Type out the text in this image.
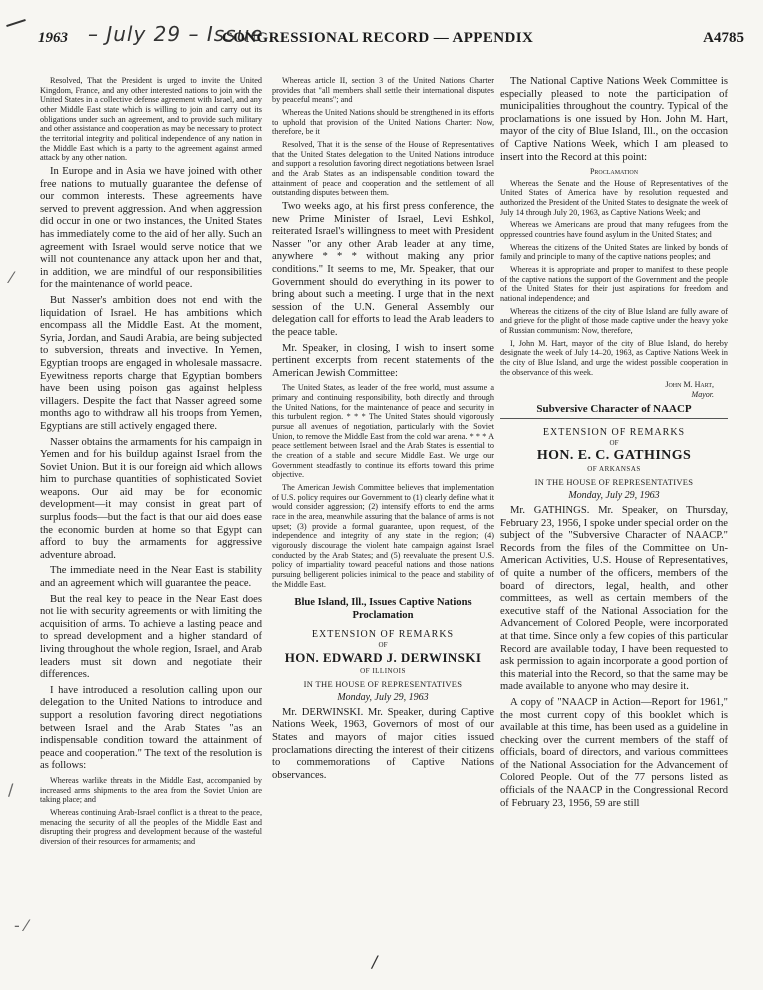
1963 – July 29 – Issue
CONGRESSIONAL RECORD — APPENDIX	A4785

Resolved, That the President is urged to invite the United Kingdom, France, and any other interested nations to join with the United States in a collective defense agreement with Israel, and any other Middle East state which is willing to join and carry out its obligations under such an agreement, and to provide such military and other assistance and cooperation as may be necessary to protect the territorial integrity and political independence of any nation in the Middle East which is a party to the agreement against armed attack by any other nation.

In Europe and in Asia we have joined with other free nations to mutually guarantee the defense of our common interests. These agreements have served to prevent aggression. And when aggression did occur in one or two instances, the United States has immediately come to the aid of her ally. Such an agreement with Israel would serve notice that we will not countenance any attack upon her and that, in addition, we are mindful of our responsibilities for the maintenance of world peace.

But Nasser's ambition does not end with the liquidation of Israel. He has ambitions which encompass all the Middle East. At the moment, Syria, Jordan, and Saudi Arabia, are being subjected to subversion, threats and invective. In Yemen, Egyptian troops are engaged in wholesale massacre. Eyewitness reports charge that Egyptian bombers have been using poison gas against helpless villagers. Despite the fact that Nasser agreed some months ago to withdraw all his troops from Yemen, Egyptians are still actively engaged there.

Nasser obtains the armaments for his campaign in Yemen and for his buildup against Israel from the Soviet Union. But it is our foreign aid which allows him to purchase quantities of sophisticated Soviet weapons. Our aid may be for economic development—it may consist in great part of surplus foods—but the fact is that our aid does ease the economic burden at home so that Egypt can afford to buy the armaments for aggressive adventure abroad.

The immediate need in the Near East is stability and an agreement which will guarantee the peace.

But the real key to peace in the Near East does not lie with security agreements or with limiting the acquisition of arms. To achieve a lasting peace and to spread development and a higher standard of living throughout the whole region, Israel, and Arab leaders must sit down and negotiate their differences.

I have introduced a resolution calling upon our delegation to the United Nations to introduce and support a resolution favoring direct negotiations between Israel and the Arab States "as an indispensable condition toward the attainment of peace and cooperation." The text of the resolution is as follows:

Whereas warlike threats in the Middle East, accompanied by increased arms shipments to the area from the Soviet Union are taking place; and

Whereas continuing Arab-Israel conflict is a threat to the peace, menacing the security of all the peoples of the Middle East and disrupting their progress and development because of the wasteful diversion of their resources for armaments; and

Whereas article II, section 3 of the United Nations Charter provides that "all members shall settle their international disputes by peaceful means"; and

Whereas the United Nations should be strengthened in its efforts to uphold that provision of the United Nations Charter: Now, therefore, be it

Resolved, That it is the sense of the House of Representatives that the United States delegation to the United Nations introduce and support a resolution favoring direct negotiations between Israel and the Arab States as an indispensable condition toward the attainment of peace and cooperation and the settlement of all outstanding disputes between them.

Two weeks ago, at his first press conference, the new Prime Minister of Israel, Levi Eshkol, reiterated Israel's willingness to meet with President Nasser "or any other Arab leader at any time, anywhere * * * without making any prior conditions." It seems to me, Mr. Speaker, that our Government should do everything in its power to bring about such a meeting. I urge that in the next session of the U.N. General Assembly our delegation call for efforts to lead the Arab leaders to the peace table.

Mr. Speaker, in closing, I wish to insert some pertinent excerpts from recent statements of the American Jewish Committee:

The United States, as leader of the free world, must assume a primary and continuing responsibility, both directly and through the United Nations, for the maintenance of peace and security in this turbulent region. * * * The United States should vigorously pursue all avenues of negotiation, particularly with the Soviet Union, to remove the Middle East from the cold war arena. * * * A peace settlement between Israel and the Arab States is essential to the creation of a stable and secure Middle East. We urge our Government steadfastly to continue its efforts toward this prime objective.

The American Jewish Committee believes that implementation of U.S. policy requires our Government to (1) clearly define what it would consider aggression; (2) intensify efforts to end the arms race in the area, meanwhile assuring that the balance of arms is not upset; (3) provide a formal guarantee, upon request, of the independence and integrity of any state in the region; (4) vigorously discourage the violent hate campaign against Israel conducted by the Arab States; and (5) reevaluate the present U.S. policy of impartiality toward peaceful nations and those nations pursuing belligerent policies inimical to the peace and stability of the Middle East.

Blue Island, Ill., Issues Captive Nations Proclamation
EXTENSION OF REMARKS
OF
HON. EDWARD J. DERWINSKI
OF ILLINOIS
IN THE HOUSE OF REPRESENTATIVES
Monday, July 29, 1963

Mr. DERWINSKI. Mr. Speaker, during Captive Nations Week, 1963, Governors of most of our States and mayors of major cities issued proclamations directing the interest of their citizens to commemorations of Captive Nations observances.

The National Captive Nations Week Committee is especially pleased to note the participation of municipalities throughout the country. Typical of the proclamations is one issued by Hon. John M. Hart, mayor of the city of Blue Island, Ill., on the occasion of Captive Nations Week, which I am pleased to insert into the Record at this point:

Proclamation

Whereas the Senate and the House of Representatives of the United States of America have by resolution requested and authorized the President of the United States to designate the week of July 14 through July 20, 1963, as Captive Nations Week; and

Whereas we Americans are proud that many refugees from the oppressed countries have found asylum in the United States; and

Whereas the citizens of the United States are linked by bonds of family and principle to many of the captive nations peoples; and

Whereas it is appropriate and proper to manifest to these people of the captive nations the support of the Government and the people of the United States for their just aspirations for freedom and national independence; and

Whereas the citizens of the city of Blue Island are fully aware of and grieve for the plight of those made captive under the heavy yoke of Russian communism: Now, therefore,

I, John M. Hart, mayor of the city of Blue Island, do hereby designate the week of July 14–20, 1963, as Captive Nations Week in the city of Blue Island, and urge the widest possible cooperation in the observance of this week.

John M. Hart,

Mayor.

Subversive Character of NAACP
EXTENSION OF REMARKS
OF
HON. E. C. GATHINGS
OF ARKANSAS
IN THE HOUSE OF REPRESENTATIVES
Monday, July 29, 1963

Mr. GATHINGS. Mr. Speaker, on Thursday, February 23, 1956, I spoke under special order on the subject of the "Subversive Character of NAACP." Records from the files of the Committee on Un-American Activities, U.S. House of Representatives, of quite a number of the officers, members of the board of directors, legal, health, and other committees, as well as certain members of the executive staff of the National Association for the Advancement of Colored People, were incorporated at that time. Since only a few copies of this particular Record are available today, I have been requested to ask permission to again incorporate a good portion of this material into the Record, so that the same may be made available to anyone who may desire it.

A copy of "NAACP in Action—Report for 1961," the most current copy of this booklet which is available at this time, has been used as a guideline in checking over the current members of the staff of officials, board of directors, and various committees of the National Association for the Advancement of Colored People. Out of the 77 persons listed as officials of the NAACP in the Congressional Record of February 23, 1956, 59 are still

⁄
/
- ⁄
/
